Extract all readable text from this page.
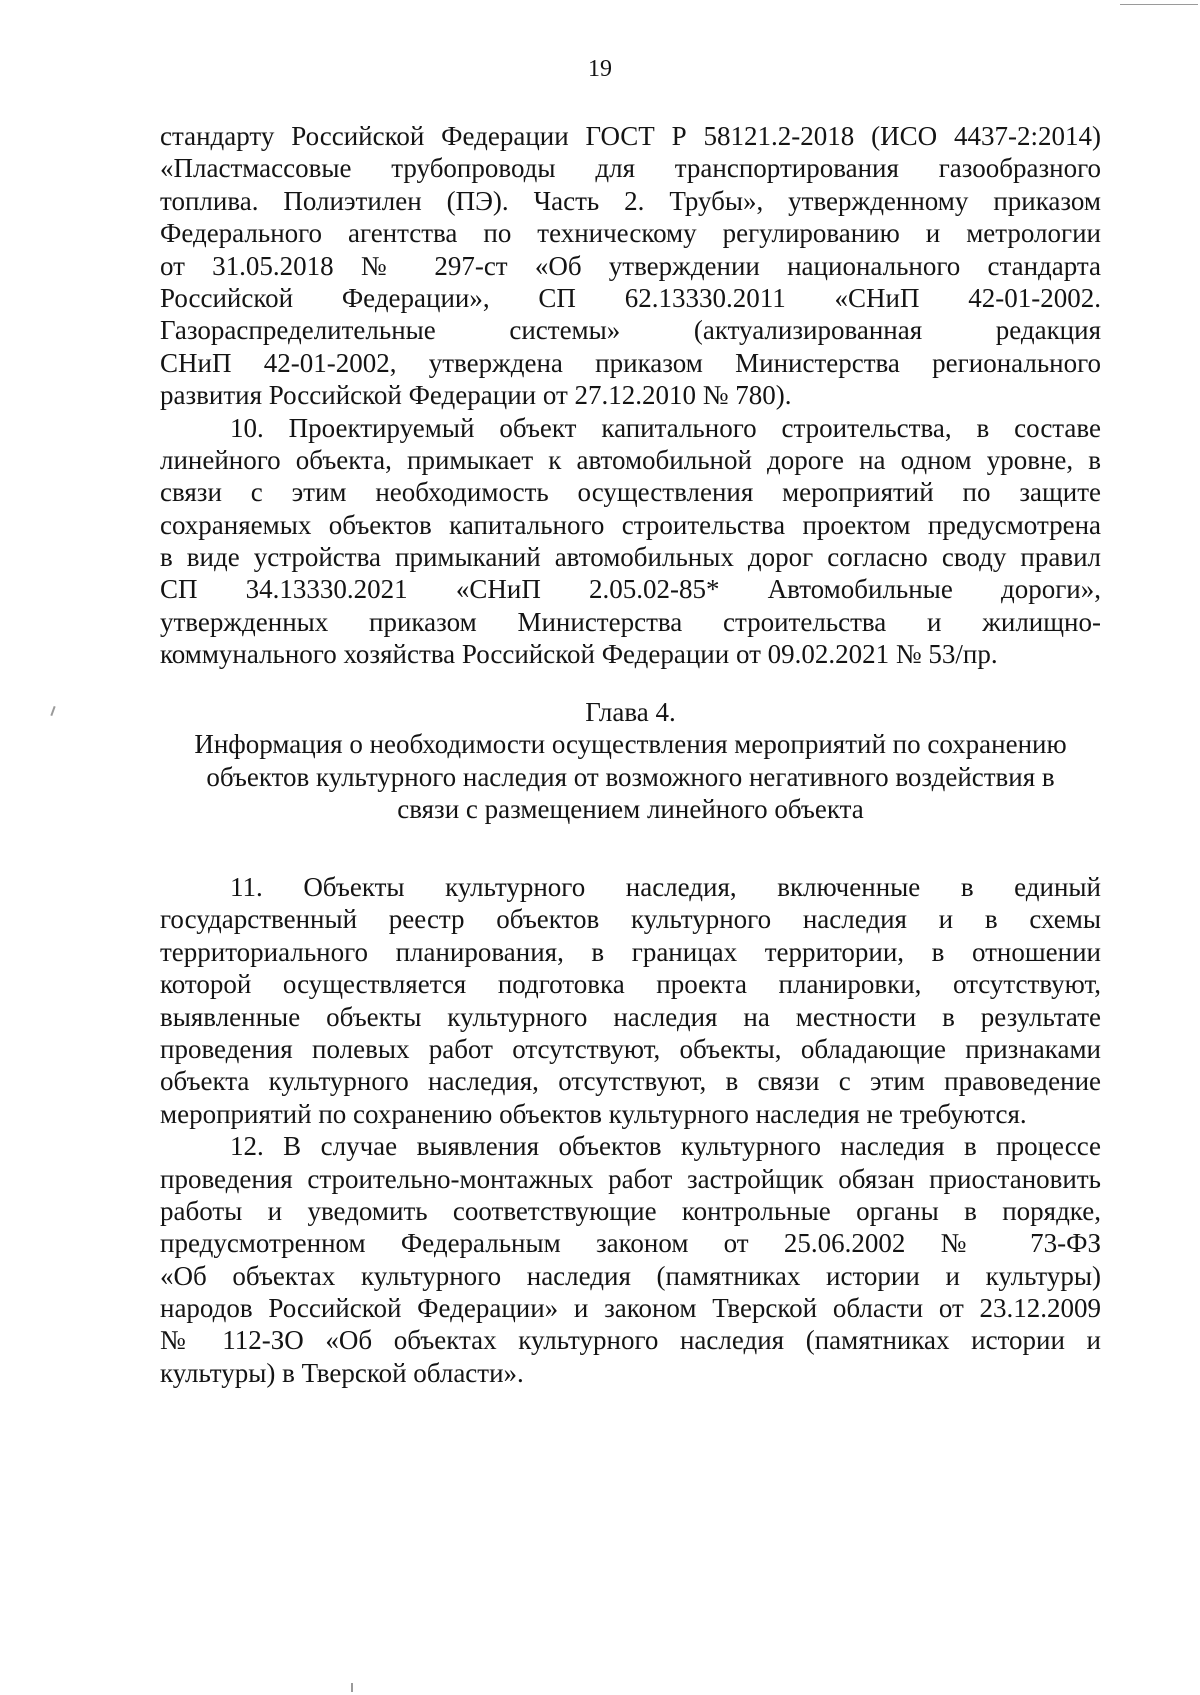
19
стандарту Российской Федерации ГОСТ Р 58121.2-2018 (ИСО 4437-2:2014)
«Пластмассовые трубопроводы для транспортирования газообразного
топлива. Полиэтилен (ПЭ). Часть 2. Трубы», утвержденному приказом
Федерального агентства по техническому регулированию и метрологии
от 31.05.2018 № 297-ст «Об утверждении национального стандарта
Российской Федерации», СП 62.13330.2011 «СНиП 42-01-2002.
Газораспределительные системы» (актуализированная редакция
СНиП 42-01-2002, утверждена приказом Министерства регионального
развития Российской Федерации от 27.12.2010 № 780).
10. Проектируемый объект капитального строительства, в составе
линейного объекта, примыкает к автомобильной дороге на одном уровне, в
связи с этим необходимость осуществления мероприятий по защите
сохраняемых объектов капитального строительства проектом предусмотрена
в виде устройства примыканий автомобильных дорог согласно своду правил
СП 34.13330.2021 «СНиП 2.05.02-85* Автомобильные дороги»,
утвержденных приказом Министерства строительства и жилищно-
коммунального хозяйства Российской Федерации от 09.02.2021 № 53/пр.
Глава 4.
Информация о необходимости осуществления мероприятий по сохранению
объектов культурного наследия от возможного негативного воздействия в
связи с размещением линейного объекта
11. Объекты культурного наследия, включенные в единый
государственный реестр объектов культурного наследия и в схемы
территориального планирования, в границах территории, в отношении
которой осуществляется подготовка проекта планировки, отсутствуют,
выявленные объекты культурного наследия на местности в результате
проведения полевых работ отсутствуют, объекты, обладающие признаками
объекта культурного наследия, отсутствуют, в связи с этим правоведение
мероприятий по сохранению объектов культурного наследия не требуются.
12. В случае выявления объектов культурного наследия в процессе
проведения строительно-монтажных работ застройщик обязан приостановить
работы и уведомить соответствующие контрольные органы в порядке,
предусмотренном Федеральным законом от 25.06.2002 № 73-ФЗ
«Об объектах культурного наследия (памятниках истории и культуры)
народов Российской Федерации» и законом Тверской области от 23.12.2009
№ 112-ЗО «Об объектах культурного наследия (памятниках истории и
культуры) в Тверской области».
